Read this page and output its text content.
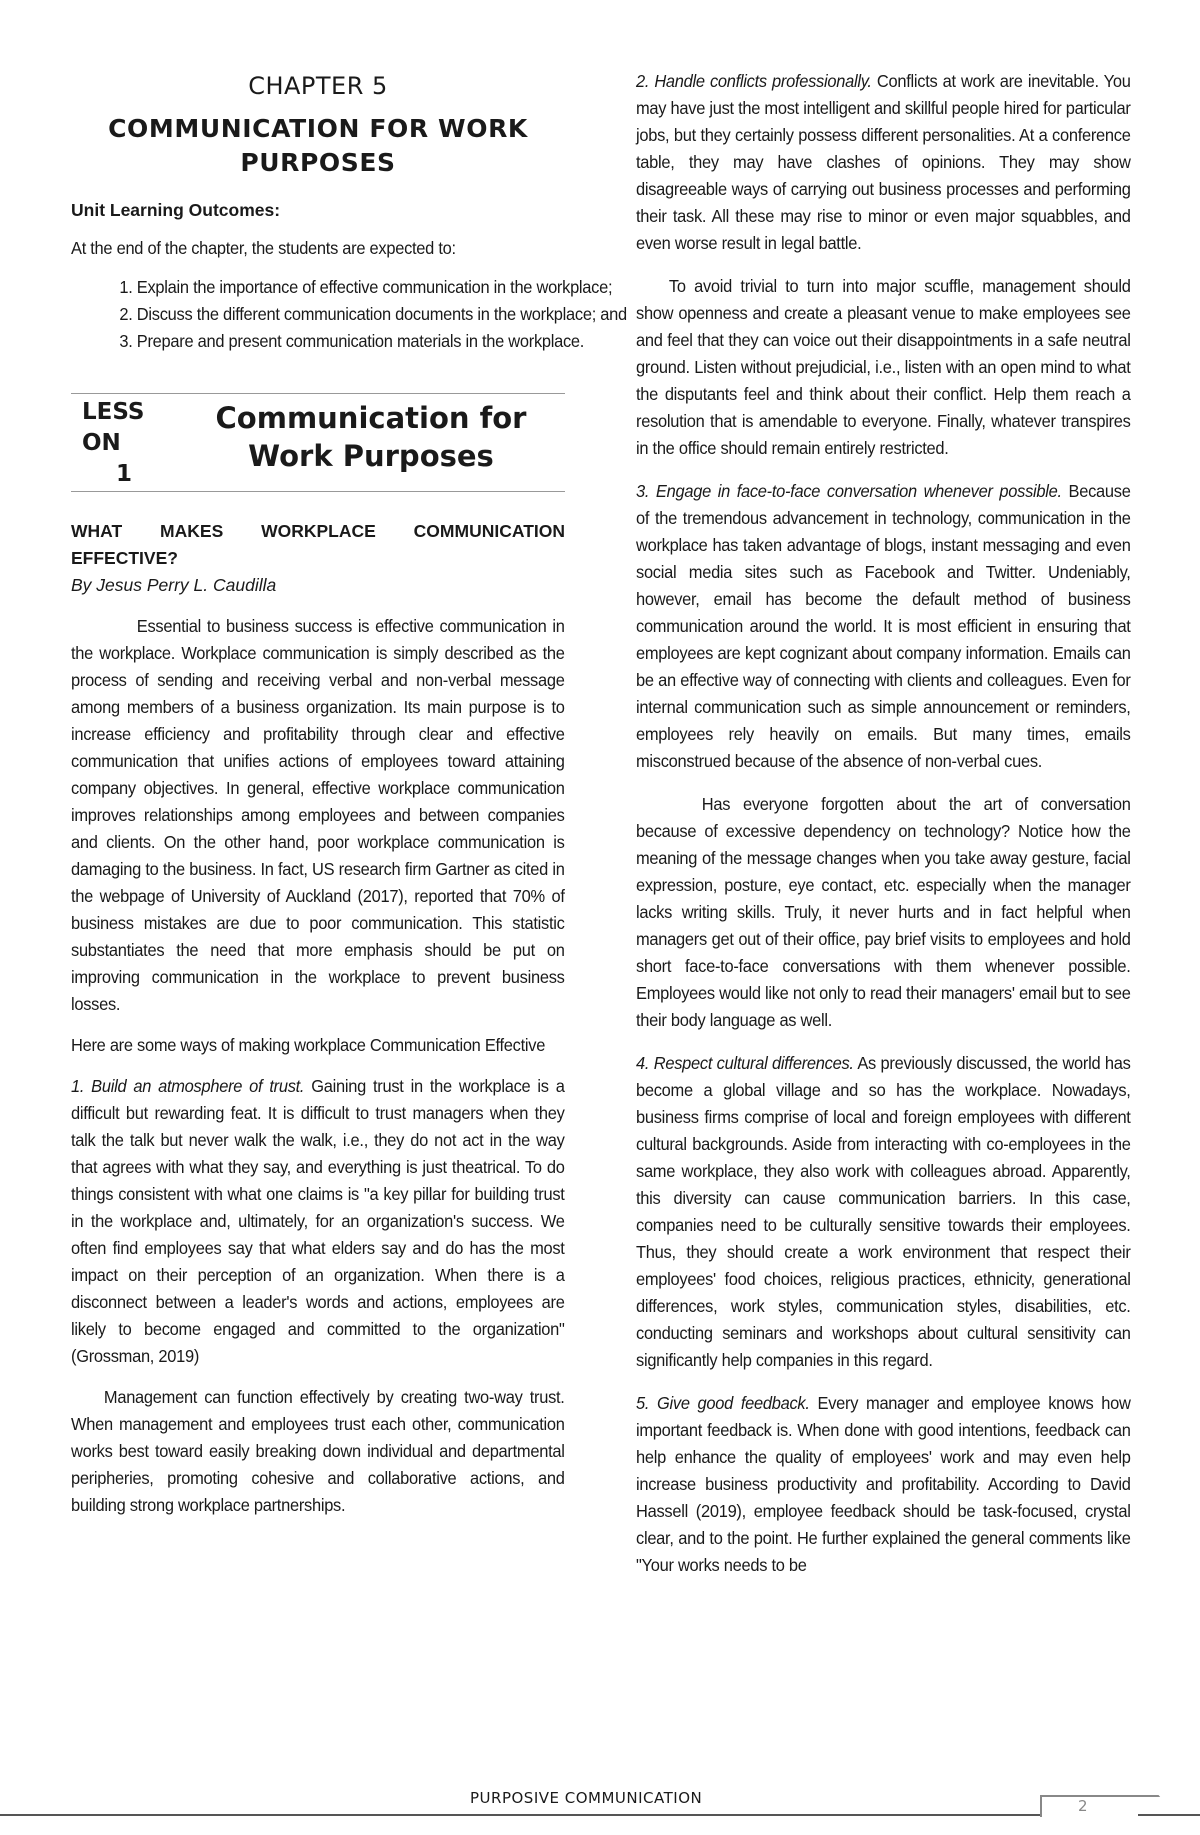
CHAPTER 5
COMMUNICATION FOR WORK PURPOSES
Unit Learning Outcomes:

At the end of the chapter, the students are expected to:

1. Explain the importance of effective communication in the workplace;
2. Discuss the different communication documents in the workplace; and
3. Prepare and present communication materials in the workplace.
LESS
ON
1
Communication for Work Purposes
WHAT MAKES WORKPLACE COMMUNICATION EFFECTIVE?
By Jesus Perry L. Caudilla

Essential to business success is effective communication in the workplace. Workplace communication is simply described as the process of sending and receiving verbal and non-verbal message among members of a business organization. Its main purpose is to increase efficiency and profitability through clear and effective communication that unifies actions of employees toward attaining company objectives. In general, effective workplace communication improves relationships among employees and between companies and clients. On the other hand, poor workplace communication is damaging to the business. In fact, US research firm Gartner as cited in the webpage of University of Auckland (2017), reported that 70% of business mistakes are due to poor communication. This statistic substantiates the need that more emphasis should be put on improving communication in the workplace to prevent business losses.

Here are some ways of making workplace Communication Effective

1. Build an atmosphere of trust. Gaining trust in the workplace is a difficult but rewarding feat. It is difficult to trust managers when they talk the talk but never walk the walk, i.e., they do not act in the way that agrees with what they say, and everything is just theatrical. To do things consistent with what one claims is "a key pillar for building trust in the workplace and, ultimately, for an organization's success. We often find employees say that what elders say and do has the most impact on their perception of an organization. When there is a disconnect between a leader's words and actions, employees are likely to become engaged and committed to the organization" (Grossman, 2019)

Management can function effectively by creating two-way trust. When management and employees trust each other, communication works best toward easily breaking down individual and departmental peripheries, promoting cohesive and collaborative actions, and building strong workplace partnerships.

2. Handle conflicts professionally. Conflicts at work are inevitable. You may have just the most intelligent and skillful people hired for particular jobs, but they certainly possess different personalities. At a conference table, they may have clashes of opinions. They may show disagreeable ways of carrying out business processes and performing their task. All these may rise to minor or even major squabbles, and even worse result in legal battle.

To avoid trivial to turn into major scuffle, management should show openness and create a pleasant venue to make employees see and feel that they can voice out their disappointments in a safe neutral ground. Listen without prejudicial, i.e., listen with an open mind to what the disputants feel and think about their conflict. Help them reach a resolution that is amendable to everyone. Finally, whatever transpires in the office should remain entirely restricted.

3. Engage in face-to-face conversation whenever possible. Because of the tremendous advancement in technology, communication in the workplace has taken advantage of blogs, instant messaging and even social media sites such as Facebook and Twitter. Undeniably, however, email has become the default method of business communication around the world. It is most efficient in ensuring that employees are kept cognizant about company information. Emails can be an effective way of connecting with clients and colleagues. Even for internal communication such as simple announcement or reminders, employees rely heavily on emails. But many times, emails misconstrued because of the absence of non-verbal cues.

Has everyone forgotten about the art of conversation because of excessive dependency on technology? Notice how the meaning of the message changes when you take away gesture, facial expression, posture, eye contact, etc. especially when the manager lacks writing skills. Truly, it never hurts and in fact helpful when managers get out of their office, pay brief visits to employees and hold short face-to-face conversations with them whenever possible. Employees would like not only to read their managers' email but to see their body language as well.

4. Respect cultural differences. As previously discussed, the world has become a global village and so has the workplace. Nowadays, business firms comprise of local and foreign employees with different cultural backgrounds. Aside from interacting with co-employees in the same workplace, they also work with colleagues abroad. Apparently, this diversity can cause communication barriers. In this case, companies need to be culturally sensitive towards their employees. Thus, they should create a work environment that respect their employees' food choices, religious practices, ethnicity, generational differences, work styles, communication styles, disabilities, etc. conducting seminars and workshops about cultural sensitivity can significantly help companies in this regard.

5. Give good feedback. Every manager and employee knows how important feedback is. When done with good intentions, feedback can help enhance the quality of employees' work and may even help increase business productivity and profitability. According to David Hassell (2019), employee feedback should be task-focused, crystal clear, and to the point. He further explained the general comments like "Your works needs to be

PURPOSIVE COMMUNICATION	2
